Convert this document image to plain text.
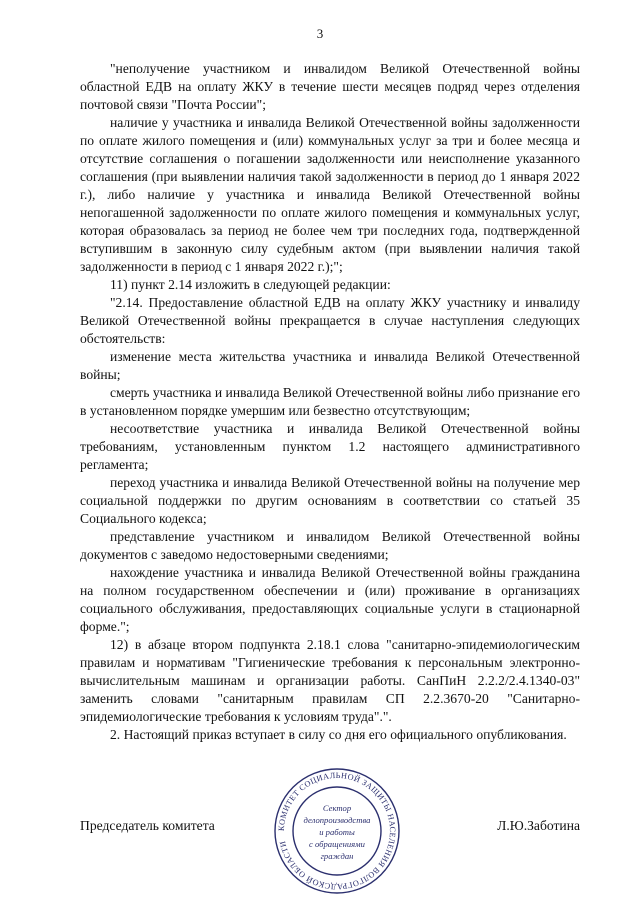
3

"неполучение участником и инвалидом Великой Отечественной войны областной ЕДВ на оплату ЖКУ в течение шести месяцев подряд через отделения почтовой связи "Почта России";

наличие у участника и инвалида Великой Отечественной войны задолженности по оплате жилого помещения и (или) коммунальных услуг за три и более месяца и отсутствие соглашения о погашении задолженности или неисполнение указанного соглашения (при выявлении наличия такой задолженности в период до 1 января 2022 г.), либо наличие у участника и инвалида Великой Отечественной войны непогашенной задолженности по оплате жилого помещения и коммунальных услуг, которая образовалась за период не более чем три последних года, подтвержденной вступившим в законную силу судебным актом (при выявлении наличия такой задолженности в период с 1 января 2022 г.);";

11) пункт 2.14 изложить в следующей редакции:

"2.14. Предоставление областной ЕДВ на оплату ЖКУ участнику и инвалиду Великой Отечественной войны прекращается в случае наступления следующих обстоятельств:

изменение места жительства участника и инвалида Великой Отечественной войны;

смерть участника и инвалида Великой Отечественной войны либо признание его в установленном порядке умершим или безвестно отсутствующим;

несоответствие участника и инвалида Великой Отечественной войны требованиям, установленным пунктом 1.2 настоящего административного регламента;

переход участника и инвалида Великой Отечественной войны на получение мер социальной поддержки по другим основаниям в соответствии со статьей 35 Социального кодекса;

представление участником и инвалидом Великой Отечественной войны документов с заведомо недостоверными сведениями;

нахождение участника и инвалида Великой Отечественной войны гражданина на полном государственном обеспечении и (или) проживание в организациях социального обслуживания, предоставляющих социальные услуги в стационарной форме.";

12) в абзаце втором подпункта 2.18.1 слова "санитарно-эпидемиологическим правилам и нормативам "Гигиенические требования к персональным электронно-вычислительным машинам и организации работы. СанПиН 2.2.2/2.4.1340-03" заменить словами "санитарным правилам СП 2.2.3670-20 "Санитарно-эпидемиологические требования к условиям труда".".

2. Настоящий приказ вступает в силу со дня его официального опубликования.

Председатель комитета	Л.Ю.Заботина
КОМИТЕТ СОЦИАЛЬНОЙ ЗАЩИТЫ НАСЕЛЕНИЯ ВОЛГОГРАДСКОЙ ОБЛАСТИ
Сектор
делопроизводства
и работы
с обращениями
граждан
